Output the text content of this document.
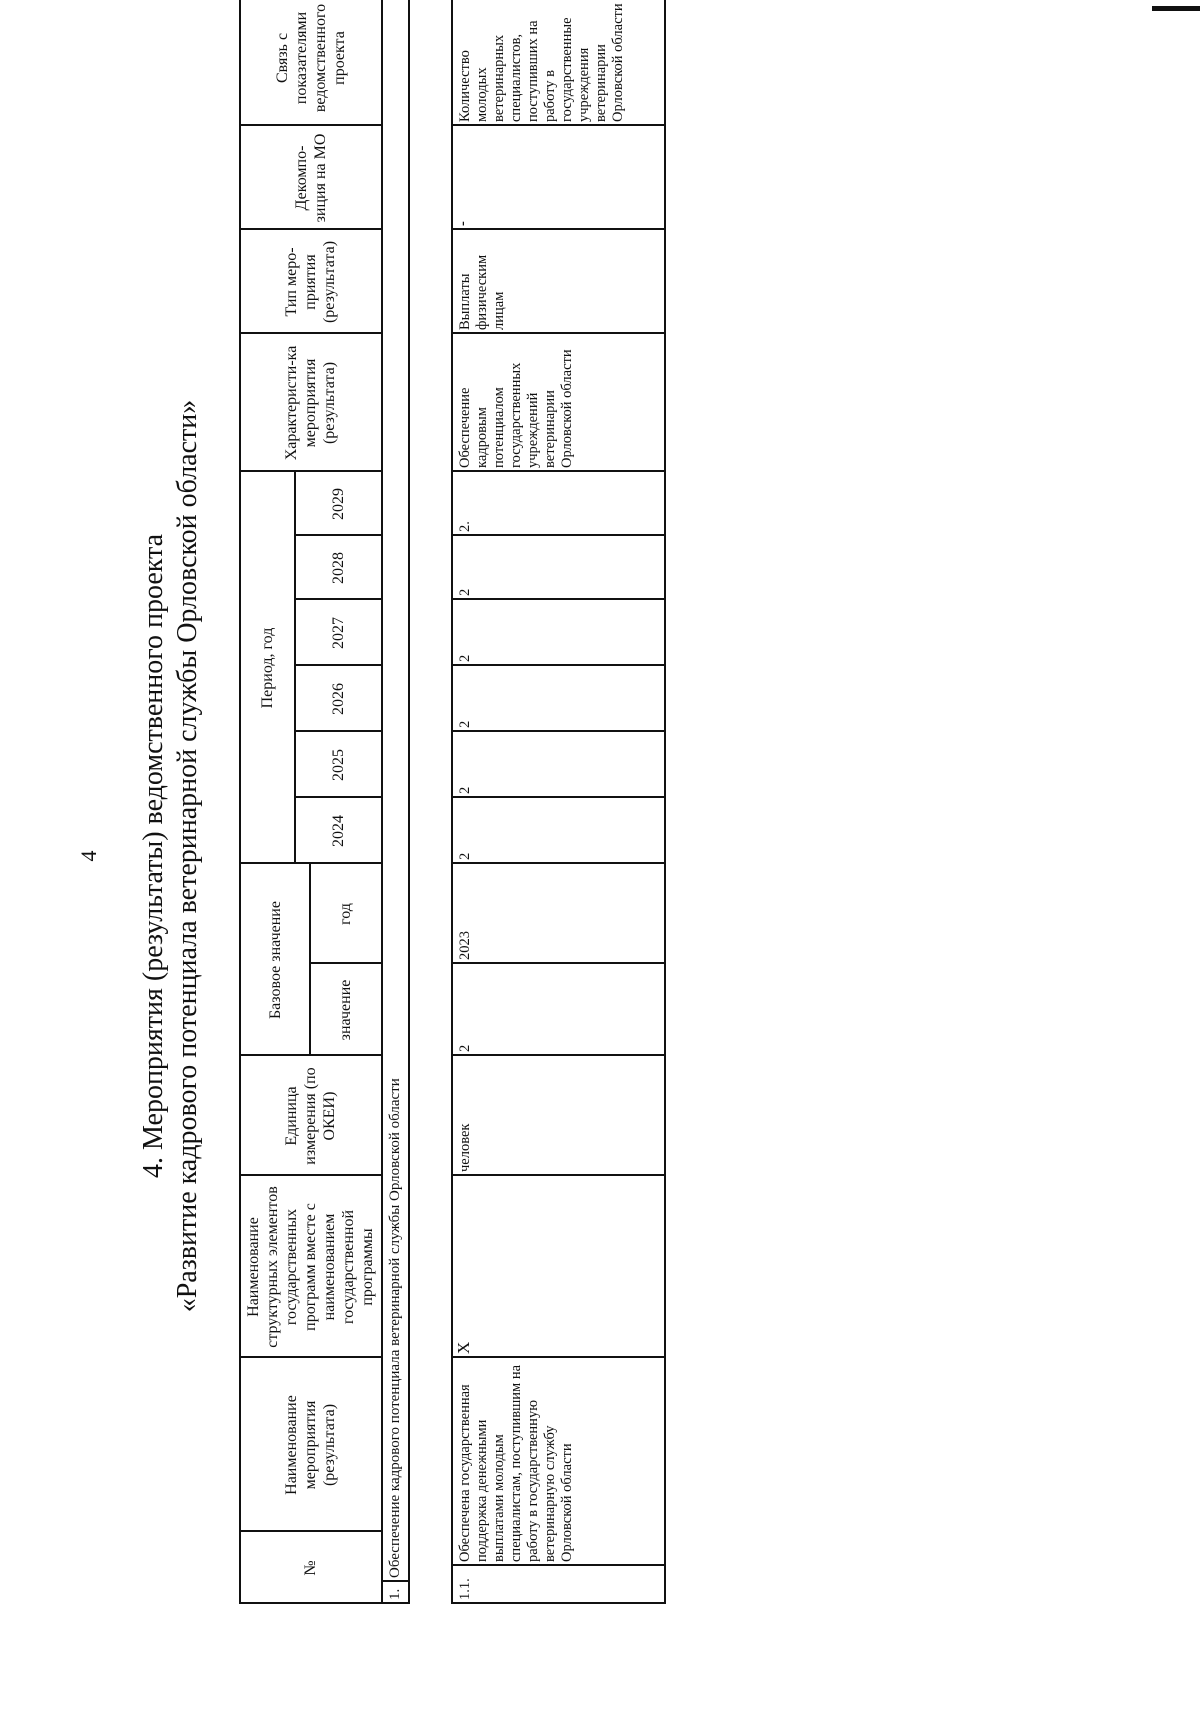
4 4. Мероприятия (результаты) ведомственного проекта «Развитие кадрового потенциала ветеринарной службы Орловской области»
№
Наименование мероприятия (результата)
Наименование структурных элементов государственных программ вместе с наименованием государственной программы
Единица измерения (по ОКЕИ)
Базовое значение	значение
год
Период, год
2024
2025
2026
2027
2028
2029
Характеристи-ка мероприятия (результата)
Тип меро-приятия (результата)
Декомпо-зиция на МО
Связь с показателями ведомственного проекта
1.
Обеспечение кадрового потенциала ветеринарной службы Орловской области
1.1.
Обеспечена государственная поддержка денежными выплатами молодым специалистам, поступившим на работу в государственную ветеринарную службу Орловской области
X
человек
2
2023
2
2
2
2
2
2.
Обеспечение кадровым потенциалом государственных учреждений ветеринарии Орловской области
Выплаты физическим лицам
-
Количество молодых ветеринарных специалистов, поступивших на работу в государственные учреждения ветеринарии Орловской области
